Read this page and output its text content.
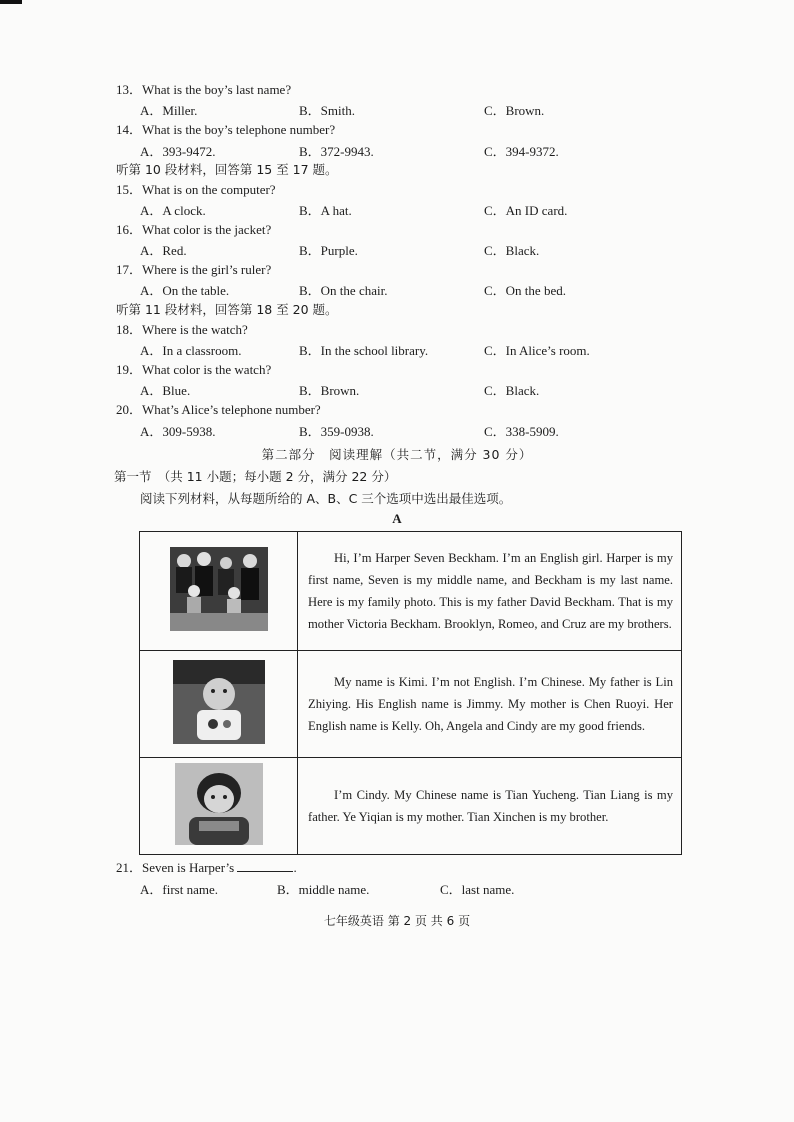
13．What is the boy’s last name?
A．Miller.	B．Smith.	C．Brown.
14．What is the boy’s telephone number?
A．393-9472.	B．372-9943.	C．394-9372.
听第 10 段材料，回答第 15 至 17 题。
15．What is on the computer?
A．A clock.	B．A hat.	C．An ID card.
16．What color is the jacket?
A．Red.	B．Purple.	C．Black.
17．Where is the girl’s ruler?
A．On the table.	B．On the chair.	C．On the bed.
听第 11 段材料，回答第 18 至 20 题。
18．Where is the watch?
A．In a classroom.	B．In the school library.	C．In Alice’s room.
19．What color is the watch?
A．Blue.	B．Brown.	C．Black.
20．What’s Alice’s telephone number?
A．309-5938.	B．359-0938.	C．338-5909.
第二部分　阅读理解（共二节，满分 30 分）
第一节　（共 11 小题；每小题 2 分，满分 22 分）
阅读下列材料，从每题所给的 A、B、C 三个选项中选出最佳选项。
A
	Hi, I’m Harper Seven Beckham. I’m an English girl. Harper is my first name, Seven is my middle name, and Beckham is my last name. Here is my family photo. This is my father David Beckham. That is my mother Victoria Beckham. Brooklyn, Romeo, and Cruz are my brothers.
	My name is Kimi. I’m not English. I’m Chinese. My father is Lin Zhiying. His English name is Jimmy. My mother is Chen Ruoyi. Her English name is Kelly. Oh, Angela and Cindy are my good friends.
	I’m Cindy. My Chinese name is Tian Yucheng. Tian Liang is my father. Ye Yiqian is my mother. Tian Xinchen is my brother.
21．Seven is Harper’s	.
A．first name.	B．middle name.	C．last name.
七年级英语 第 2 页 共 6 页
